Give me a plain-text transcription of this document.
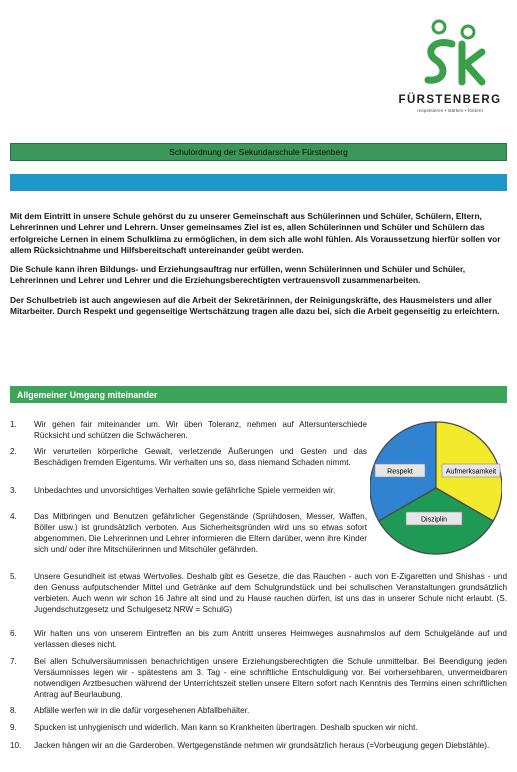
FÜRSTENBERG
respektieren • stärken • fördern
Schulordnung der Sekundarschule Fürstenberg

Mit dem Eintritt in unsere Schule gehörst du zu unserer Gemeinschaft aus Schülerinnen und Schüler, Schülern, Eltern, Lehrerinnen und Lehrer und Lehrern. Unser gemeinsames Ziel ist es, allen Schülerinnen und Schüler und Schülern das erfolgreiche Lernen in einem Schulklima zu ermöglichen, in dem sich alle wohl fühlen. Als Voraussetzung hierfür sollen vor allem Rücksichtnahme und Hilfsbereitschaft untereinander geübt werden.

Die Schule kann ihren Bildungs- und Erziehungsauftrag nur erfüllen, wenn Schülerinnen und Schüler und Schüler, Lehrerinnen und Lehrer und Lehrer und die Erziehungsberechtigten vertrauensvoll zusammenarbeiten.

Der Schulbetrieb ist auch angewiesen auf die Arbeit der Sekretärinnen, der Reinigungskräfte, des Hausmeisters und aller Mitarbeiter. Durch Respekt und gegenseitige Wertschätzung tragen alle dazu bei, sich die Arbeit gegenseitig zu erleichtern.

Allgemeiner Umgang miteinander
Respekt	Aufmerksamkeit
Disziplin
1.	Wir gehen fair miteinander um. Wir üben Toleranz, nehmen auf Altersunterschiede Rücksicht und schützen die Schwächeren.
2.	Wir verurteilen körperliche Gewalt, verletzende Äußerungen und Gesten und das Beschädigen fremden Eigentums. Wir verhalten uns so, dass niemand Schaden nimmt.
3.	Unbedachtes und unvorsichtiges Verhalten sowie gefährliche Spiele vermeiden wir.
4.	Das Mitbringen und Benutzen gefährlicher Gegenstände (Sprühdosen, Messer, Waffen, Böller usw.) ist grundsätzlich verboten. Aus Sicherheitsgründen wird uns so etwas sofort abgenommen. Die Lehrerinnen und Lehrer informieren die Eltern darüber, wenn ihre Kinder sich und/ oder ihre Mitschülerinnen und Mitschüler gefährden.
5.	Unsere Gesundheit ist etwas Wertvolles. Deshalb gibt es Gesetze, die das Rauchen - auch von E-Zigaretten und Shishas - und den Genuss aufputschender Mittel und Getränke auf dem Schulgrundstück und bei schulischen Veranstaltungen grundsätzlich verbieten. Auch wenn wir schon 16 Jahre alt sind und zu Hause rauchen dürfen, ist uns das in unserer Schule nicht erlaubt. (S. Jugendschutzgesetz und Schulgesetz NRW = SchulG)
6.	Wir halten uns von unserem Eintreffen an bis zum Antritt unseres Heimweges ausnahmslos auf dem Schulgelände auf und verlassen dieses nicht.
7.	Bei allen Schulversäumnissen benachrichtigen unsere Erziehungsberechtigten die Schule unmittelbar. Bei Beendigung jeden Versäumnisses legen wir - spätestens am 3. Tag - eine schriftliche Entschuldigung vor. Bei vorhersehbaren, unvermeidbaren notwendigen Arztbesuchen während der Unterrichtszeit stellen unsere Eltern sofort nach Kenntnis des Termins einen schriftlichen Antrag auf Beurlaubung.
8.	Abfälle werfen wir in die dafür vorgesehenen Abfallbehälter.
9.	Spucken ist unhygienisch und widerlich. Man kann so Krankheiten übertragen. Deshalb spucken wir nicht.
10.	Jacken hängen wir an die Garderoben. Wertgegenstände nehmen wir grundsätzlich heraus (=Vorbeugung gegen Diebstähle).
